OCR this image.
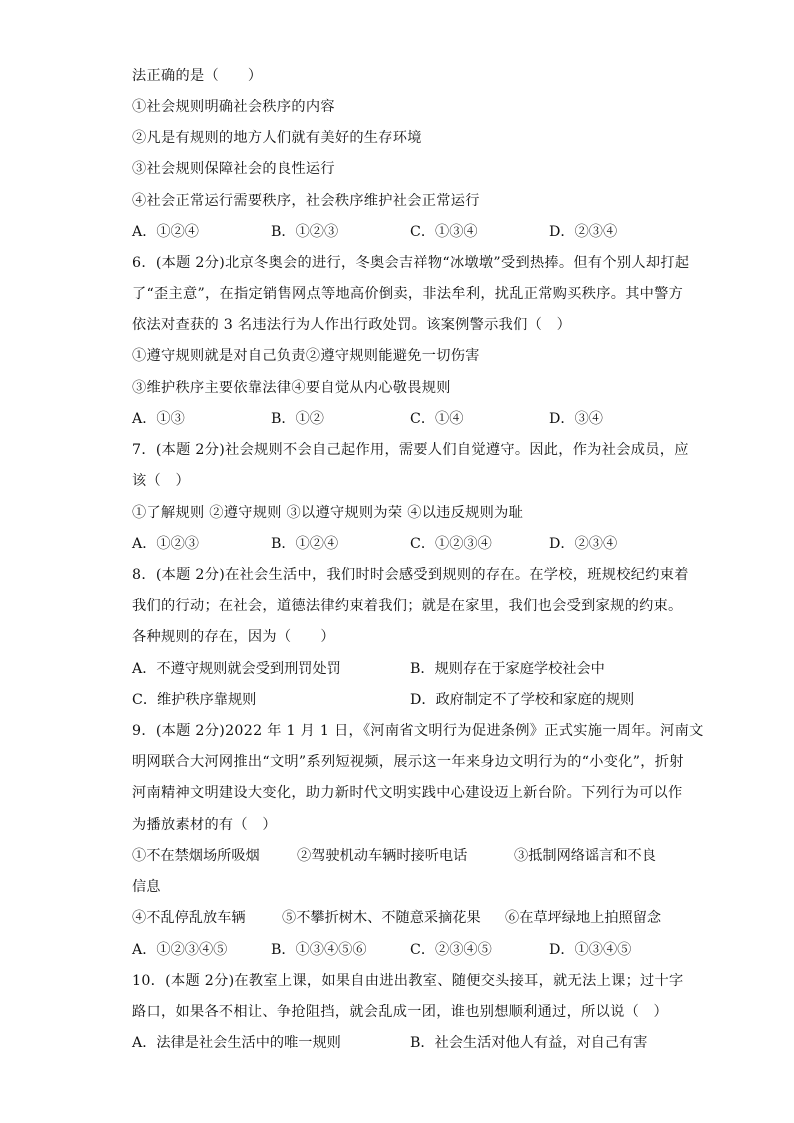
法正确的是（　　）
①社会规则明确社会秩序的内容
②凡是有规则的地方人们就有美好的生存环境
③社会规则保障社会的良性运行
④社会正常运行需要秩序，社会秩序维护社会正常运行
A．①②④	B．①②③	C．①③④	D．②③④
6．(本题 2分)北京冬奥会的进行，冬奥会吉祥物“冰墩墩”受到热捧。但有个别人却打起
了“歪主意”，在指定销售网点等地高价倒卖，非法牟利，扰乱正常购买秩序。其中警方
依法对查获的 3 名违法行为人作出行政处罚。该案例警示我们（　）
①遵守规则就是对自己负责②遵守规则能避免一切伤害
③维护秩序主要依靠法律④要自觉从内心敬畏规则
A．①③	B．①②	C．①④	D．③④
7．(本题 2分)社会规则不会自己起作用，需要人们自觉遵守。因此，作为社会成员，应
该（　）
①了解规则 ②遵守规则 ③以遵守规则为荣 ④以违反规则为耻
A．①②③	B．①②④	C．①②③④	D．②③④
8．(本题 2分)在社会生活中，我们时时会感受到规则的存在。在学校，班规校纪约束着
我们的行动；在社会，道德法律约束着我们；就是在家里，我们也会受到家规的约束。
各种规则的存在，因为（　　）
A．不遵守规则就会受到刑罚处罚	B．规则存在于家庭学校社会中
C．维护秩序靠规则	D．政府制定不了学校和家庭的规则
9．(本题 2分)2022 年 1 月 1 日，《河南省文明行为促进条例》正式实施一周年。河南文
明网联合大河网推出“文明”系列短视频，展示这一年来身边文明行为的“小变化”，折射
河南精神文明建设大变化，助力新时代文明实践中心建设迈上新台阶。下列行为可以作
为播放素材的有（　）
①不在禁烟场所吸烟	②驾驶机动车辆时接听电话	③抵制网络谣言和不良
信息
④不乱停乱放车辆	⑤不攀折树木、不随意采摘花果 ⑥在草坪绿地上拍照留念
A．①②③④⑤	B．①③④⑤⑥	C．②③④⑤	D．①③④⑤
10．(本题 2分)在教室上课，如果自由进出教室、随便交头接耳，就无法上课；过十字
路口，如果各不相让、争抢阻挡，就会乱成一团，谁也别想顺利通过，所以说（　）
A．法律是社会生活中的唯一规则	B．社会生活对他人有益，对自己有害
